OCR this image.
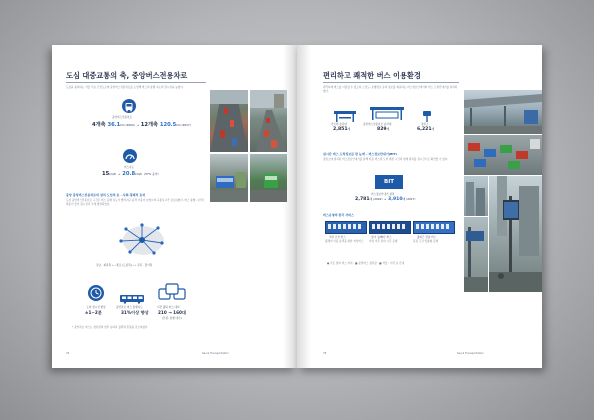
도심 대중교통의 축, 중앙버스전용차로
도심을 통과하는 서울 주요 간선도로에 중앙버스전용차로를 도입해 버스의 통행 속도와 정시성을 높였다.
중앙버스전용차로
4개축 36.1km (2004) → 12개축 120.5km (2017)
버스속도
15km/h → 20.8km/h (37% 증가)
중앙 중앙버스전용차로의 설치 도입의 효 · 사회·경제적 효과
도심 중앙버스전용차로 구간은 버스 운행 속도가 빨라지고 승객 이용이 늘었으며 교통사고가 감소하였다. 버스 통행 시간의 변동이 줄어 정시성이 크게 향상되었다.
강남 · 외곽축 ⟷ 종로 (도심축) ⟷ 강북 · 경기축
도착 정시성 향상
±1~2분
중앙차로 버스 통행속도
31%이상 향상
이전 출퇴 버스 대비
210 → 160대
(단위: 통행 대수)
* 중앙차로 버스는 정류장의 일부 승하차 불편과 혼잡을 감소하였다.
76	Seoul Transportation
편리하고 쾌적한 버스 이용환경
편리하게 버스를 이용할 수 있도록 노선도, 운행정보 등의 정보를 제공하는 버스정보안내기와 버스 도착안내기를 설치하였다.
가로변 승차대
2,851개
중앙버스전용차로 승차대
829개
정류소
6,221개
실시간 버스 도착정보를 한 눈에 – 버스정보안내기(BIT)
정류소에 설치된 버스정보안내기를 통해 다음 버스의 도착 예정 시간과 현재 위치를 실시간으로 확인할 수 있다.
BIT
버스정보안내기 설치
2,781대 (2016) → 3,910대 (2017)
버스운영의 한국 서비스
저상 간선 버스
휠체어 이용 승객을 위한 저상버스
심야 '올빼미' 버스
자정 이후 심야 시간 운행
출퇴근 맞춤 버스
혼잡 구간 맞춤형 운행
● 국토 방과 버스 자차 · ■ 중앙버스 정류장 · ■ 서울 : 이전 등 안내
78	Seoul Transportation
